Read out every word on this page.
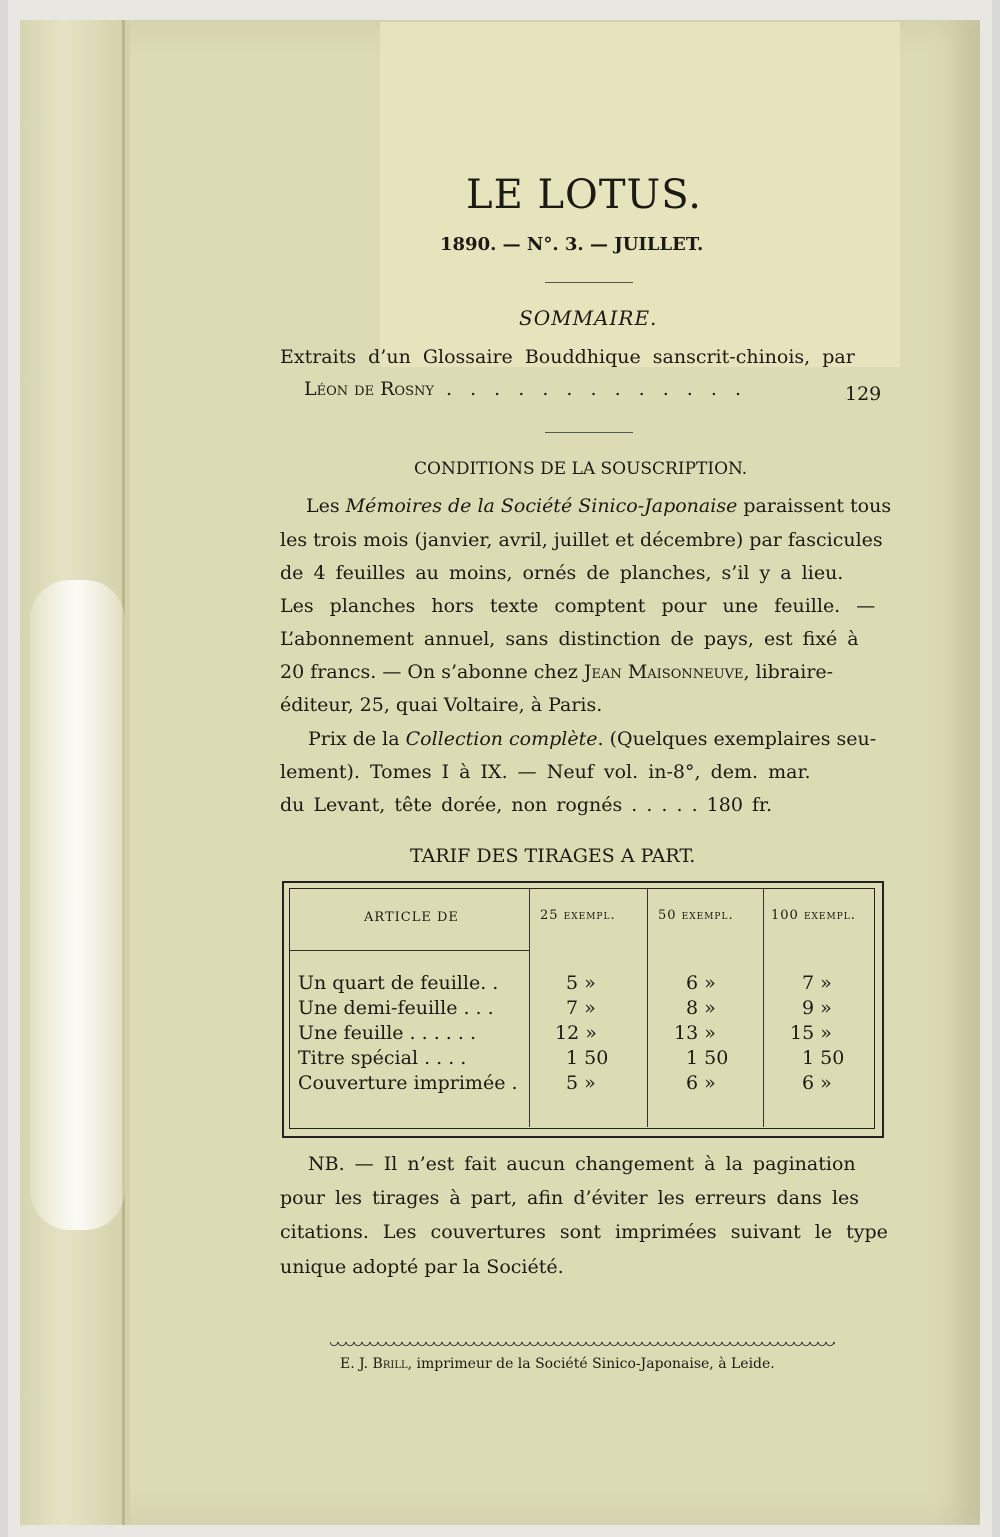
LE LOTUS.
1890. — N°. 3. — JUILLET.
SOMMAIRE.
Extraits d’un Glossaire Bouddhique sanscrit-chinois, par
Léon de Rosny . . . . . . . . . . . . .	129
CONDITIONS DE LA SOUSCRIPTION.
Les Mémoires de la Société Sinico-Japonaise paraissent tous
les trois mois (janvier, avril, juillet et décembre) par fascicules
de 4 feuilles au moins, ornés de planches, s’il y a lieu.
Les planches hors texte comptent pour une feuille. —
L’abonnement annuel, sans distinction de pays, est fixé à
20 francs. — On s’abonne chez Jean Maisonneuve, libraire-
éditeur, 25, quai Voltaire, à Paris.
Prix de la Collection complète. (Quelques exemplaires seu-
lement). Tomes I à IX. — Neuf vol. in-8°, dem. mar.
du Levant, tête dorée, non rognés . . . . . 180 fr.
TARIF DES TIRAGES A PART.
ARTICLE DE	25 exempl.	50 exempl.	100 exempl.
Un quart de feuille. .	5 »	6 »	7 »
Une demi-feuille . . .	7 »	8 »	9 »
Une feuille . . . . . .	12 »	13 »	15 »
Titre spécial . . . .	1 50	1 50	1 50
Couverture imprimée .	5 »	6 »	6 »
NB. — Il n’est fait aucun changement à la pagination
pour les tirages à part, afin d’éviter les erreurs dans les
citations. Les couvertures sont imprimées suivant le type
unique adopté par la Société.
E. J. Brill, imprimeur de la Société Sinico-Japonaise, à Leide.
